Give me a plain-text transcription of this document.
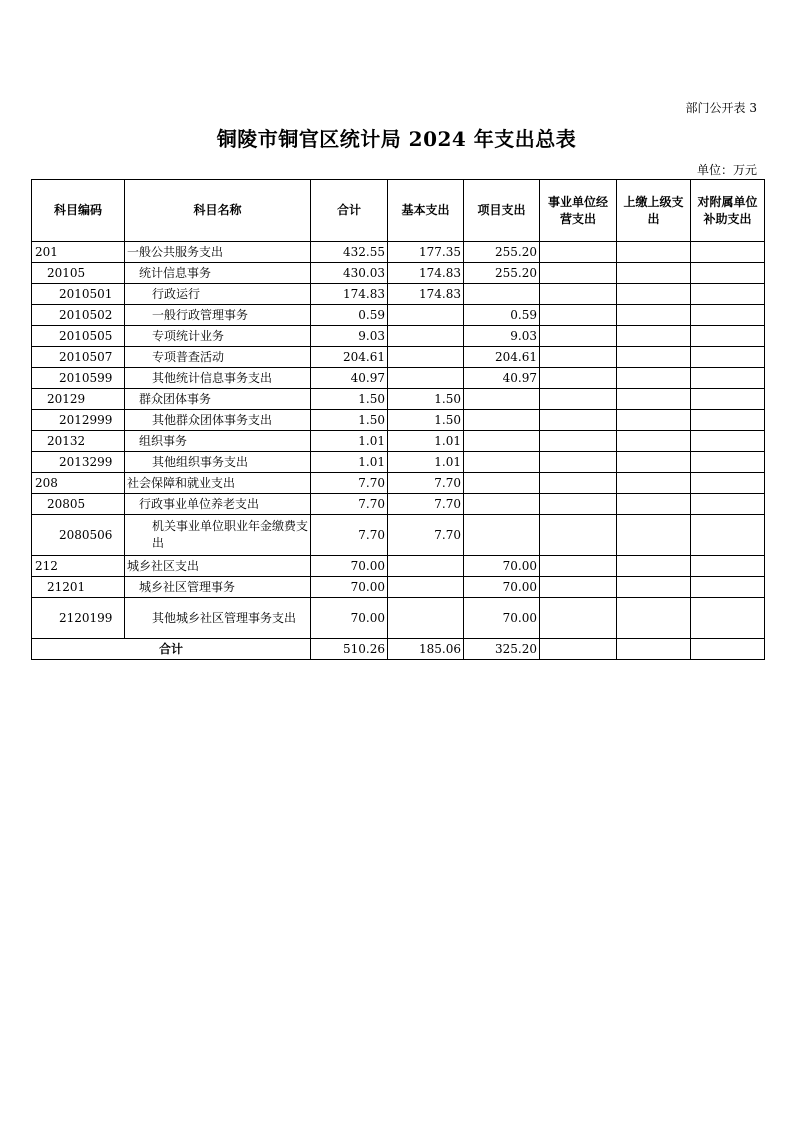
部门公开表 3
铜陵市铜官区统计局 2024 年支出总表
单位：万元
科目编码	科目名称	合计	基本支出	项目支出	事业单位经营支出	上缴上级支出	对附属单位补助支出
201	一般公共服务支出	432.55	177.35	255.20			
20105	统计信息事务	430.03	174.83	255.20			
2010501	行政运行	174.83	174.83				
2010502	一般行政管理事务	0.59		0.59			
2010505	专项统计业务	9.03		9.03			
2010507	专项普查活动	204.61		204.61			
2010599	其他统计信息事务支出	40.97		40.97			
20129	群众团体事务	1.50	1.50				
2012999	其他群众团体事务支出	1.50	1.50				
20132	组织事务	1.01	1.01				
2013299	其他组织事务支出	1.01	1.01				
208	社会保障和就业支出	7.70	7.70				
20805	行政事业单位养老支出	7.70	7.70				
2080506	机关事业单位职业年金缴费支出	7.70	7.70				
212	城乡社区支出	70.00		70.00			
21201	城乡社区管理事务	70.00		70.00			
2120199	其他城乡社区管理事务支出	70.00		70.00			
合计		510.26	185.06	325.20			
